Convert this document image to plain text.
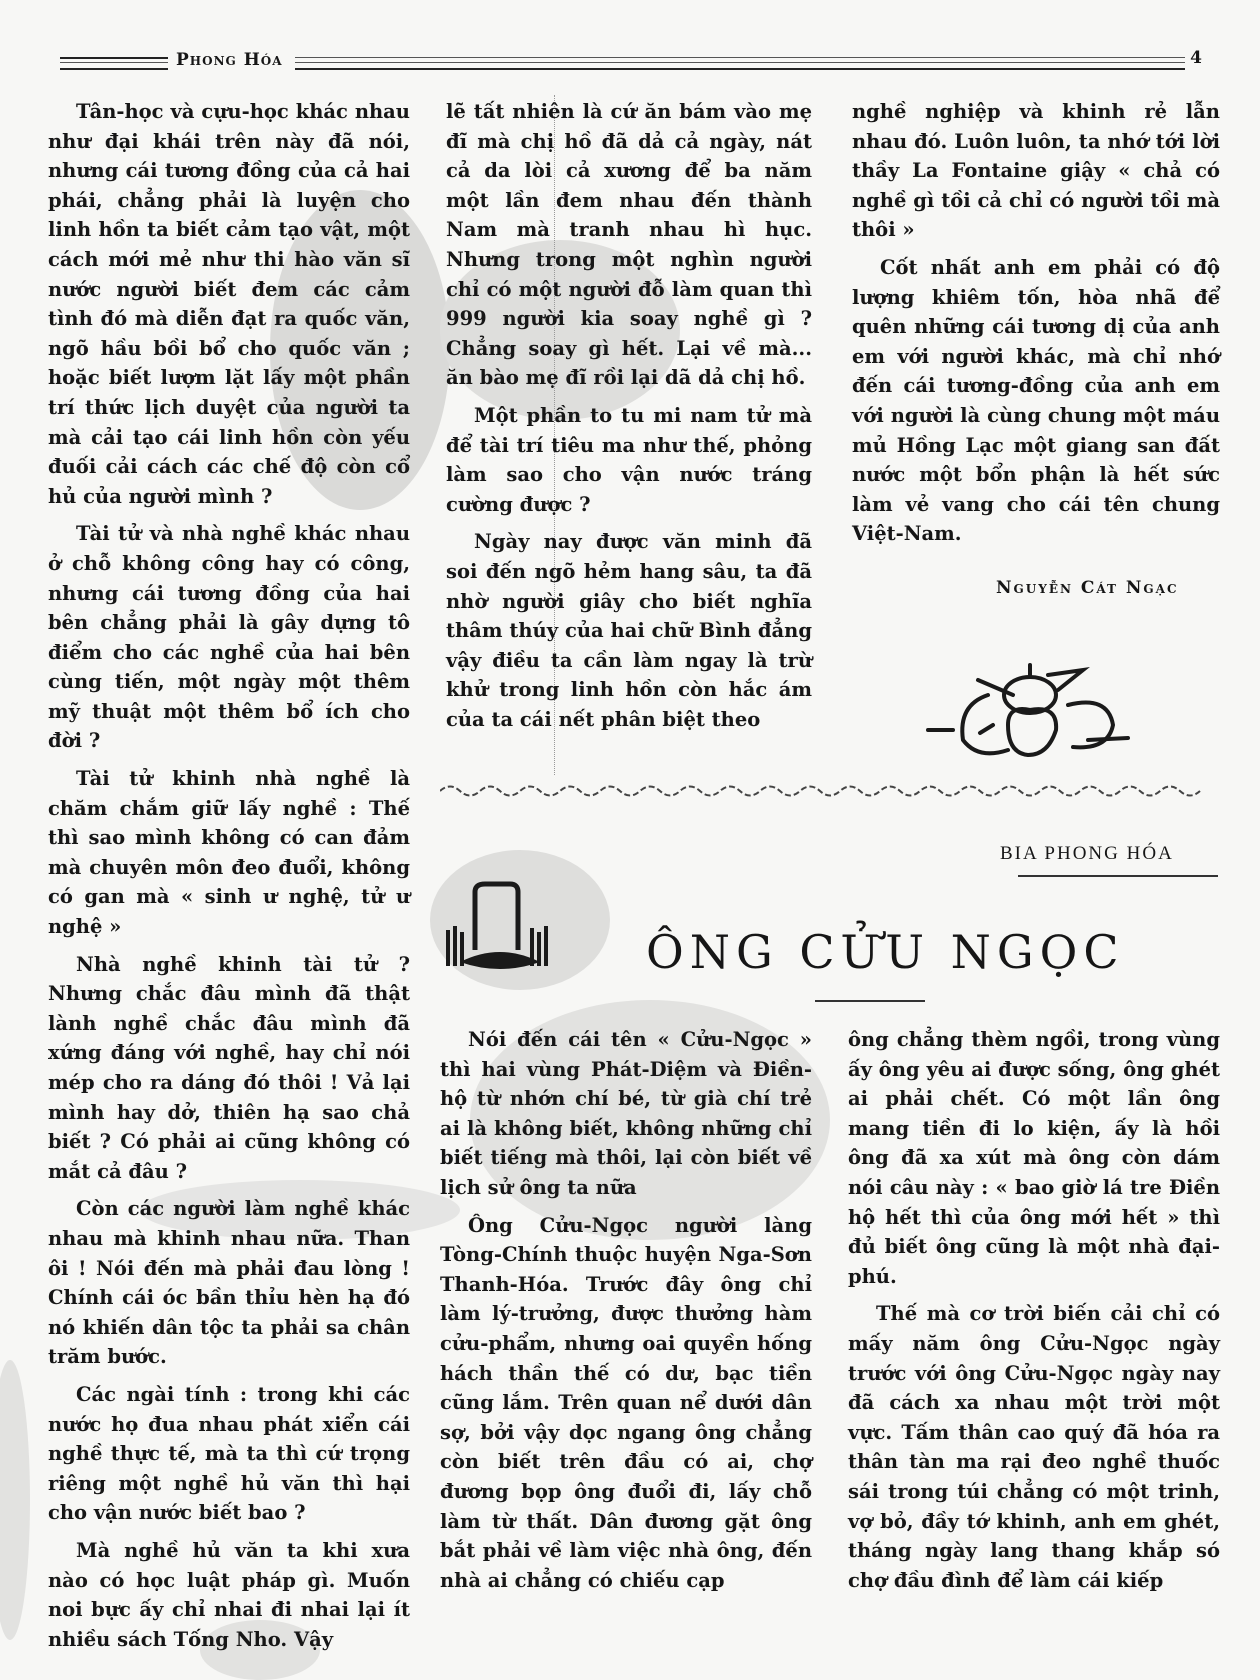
Phong Hóa	4

Tân-học và cựu-học khác nhau như đại khái trên này đã nói, nhưng cái tương đồng của cả hai phái, chẳng phải là luyện cho linh hồn ta biết cảm tạo vật, một cách mới mẻ như thi hào văn sĩ nước người biết đem các cảm tình đó mà diễn đạt ra quốc văn, ngõ hầu bồi bổ cho quốc văn ; hoặc biết lượm lặt lấy một phần trí thức lịch duyệt của người ta mà cải tạo cái linh hồn còn yếu đuối cải cách các chế độ còn cổ hủ của người mình ?

Tài tử và nhà nghề khác nhau ở chỗ không công hay có công, nhưng cái tương đồng của hai bên chẳng phải là gây dựng tô điểm cho các nghề của hai bên cùng tiến, một ngày một thêm mỹ thuật một thêm bổ ích cho đời ?

Tài tử khinh nhà nghề là chăm chắm giữ lấy nghề : Thế thì sao mình không có can đảm mà chuyên môn đeo đuổi, không có gan mà « sinh ư nghệ, tử ư nghệ »

Nhà nghề khinh tài tử ? Nhưng chắc đâu mình đã thật lành nghề chắc đâu mình đã xứng đáng với nghề, hay chỉ nói mép cho ra dáng đó thôi ! Vả lại mình hay dở, thiên hạ sao chả biết ? Có phải ai cũng không có mắt cả đâu ?

Còn các người làm nghề khác nhau mà khinh nhau nữa. Than ôi ! Nói đến mà phải đau lòng ! Chính cái óc bần thỉu hèn hạ đó nó khiến dân tộc ta phải sa chân trăm bước.

Các ngài tính : trong khi các nước họ đua nhau phát xiển cái nghề thực tế, mà ta thì cứ trọng riêng một nghề hủ văn thì hại cho vận nước biết bao ?

Mà nghề hủ văn ta khi xưa nào có học luật pháp gì. Muốn noi bực ấy chỉ nhai đi nhai lại ít nhiều sách Tống Nho. Vậy

lẽ tất nhiên là cứ ăn bám vào mẹ đĩ mà chị hồ đã dả cả ngày, nát cả da lòi cả xương để ba năm một lần đem nhau đến thành Nam mà tranh nhau hì hục. Nhưng trong một nghìn người chỉ có một người đỗ làm quan thì 999 người kia soay nghề gì ? Chẳng soay gì hết. Lại về mà... ăn bào mẹ đĩ rồi lại dã dả chị hồ.

Một phần to tu mi nam tử mà để tài trí tiêu ma như thế, phỏng làm sao cho vận nước tráng cường được ?

Ngày nay được văn minh đã soi đến ngõ hẻm hang sâu, ta đã nhờ người giây cho biết nghĩa thâm thúy của hai chữ Bình đẳng vậy điều ta cần làm ngay là trừ khử trong linh hồn còn hắc ám của ta cái nết phân biệt theo

nghề nghiệp và khinh rẻ lẫn nhau đó. Luôn luôn, ta nhớ tới lời thầy La Fontaine giậy « chả có nghề gì tồi cả chỉ có người tồi mà thôi »

Cốt nhất anh em phải có độ lượng khiêm tốn, hòa nhã để quên những cái tương dị của anh em với người khác, mà chỉ nhớ đến cái tương-đồng của anh em với người là cùng chung một máu mủ Hồng Lạc một giang san đất nước một bổn phận là hết sức làm vẻ vang cho cái tên chung Việt-Nam.

Nguyễn Cát Ngạc
BIA PHONG HÓA
ÔNG CỬU NGỌC

Nói đến cái tên « Cửu-Ngọc » thì hai vùng Phát-Diệm và Điền-hộ từ nhớn chí bé, từ già chí trẻ ai là không biết, không những chỉ biết tiếng mà thôi, lại còn biết về lịch sử ông ta nữa

Ông Cửu-Ngọc người làng Tòng-Chính thuộc huyện Nga-Sơn Thanh-Hóa. Trước đây ông chỉ làm lý-trưởng, được thưởng hàm cửu-phẩm, nhưng oai quyền hống hách thần thế có dư, bạc tiền cũng lắm. Trên quan nể dưới dân sợ, bởi vậy dọc ngang ông chẳng còn biết trên đầu có ai, chợ đương bọp ông đuổi đi, lấy chỗ làm từ thất. Dân đương gặt ông bắt phải về làm việc nhà ông, đến nhà ai chẳng có chiếu cạp

ông chẳng thèm ngồi, trong vùng ấy ông yêu ai được sống, ông ghét ai phải chết. Có một lần ông mang tiền đi lo kiện, ấy là hồi ông đã xa xút mà ông còn dám nói câu này : « bao giờ lá tre Điền hộ hết thì của ông mới hết » thì đủ biết ông cũng là một nhà đại-phú.

Thế mà cơ trời biến cải chỉ có mấy năm ông Cửu-Ngọc ngày trước với ông Cửu-Ngọc ngày nay đã cách xa nhau một trời một vực. Tấm thân cao quý đã hóa ra thân tàn ma rại đeo nghề thuốc sái trong túi chẳng có một trinh, vợ bỏ, đầy tớ khinh, anh em ghét, tháng ngày lang thang khắp só chợ đầu đình để làm cái kiếp
